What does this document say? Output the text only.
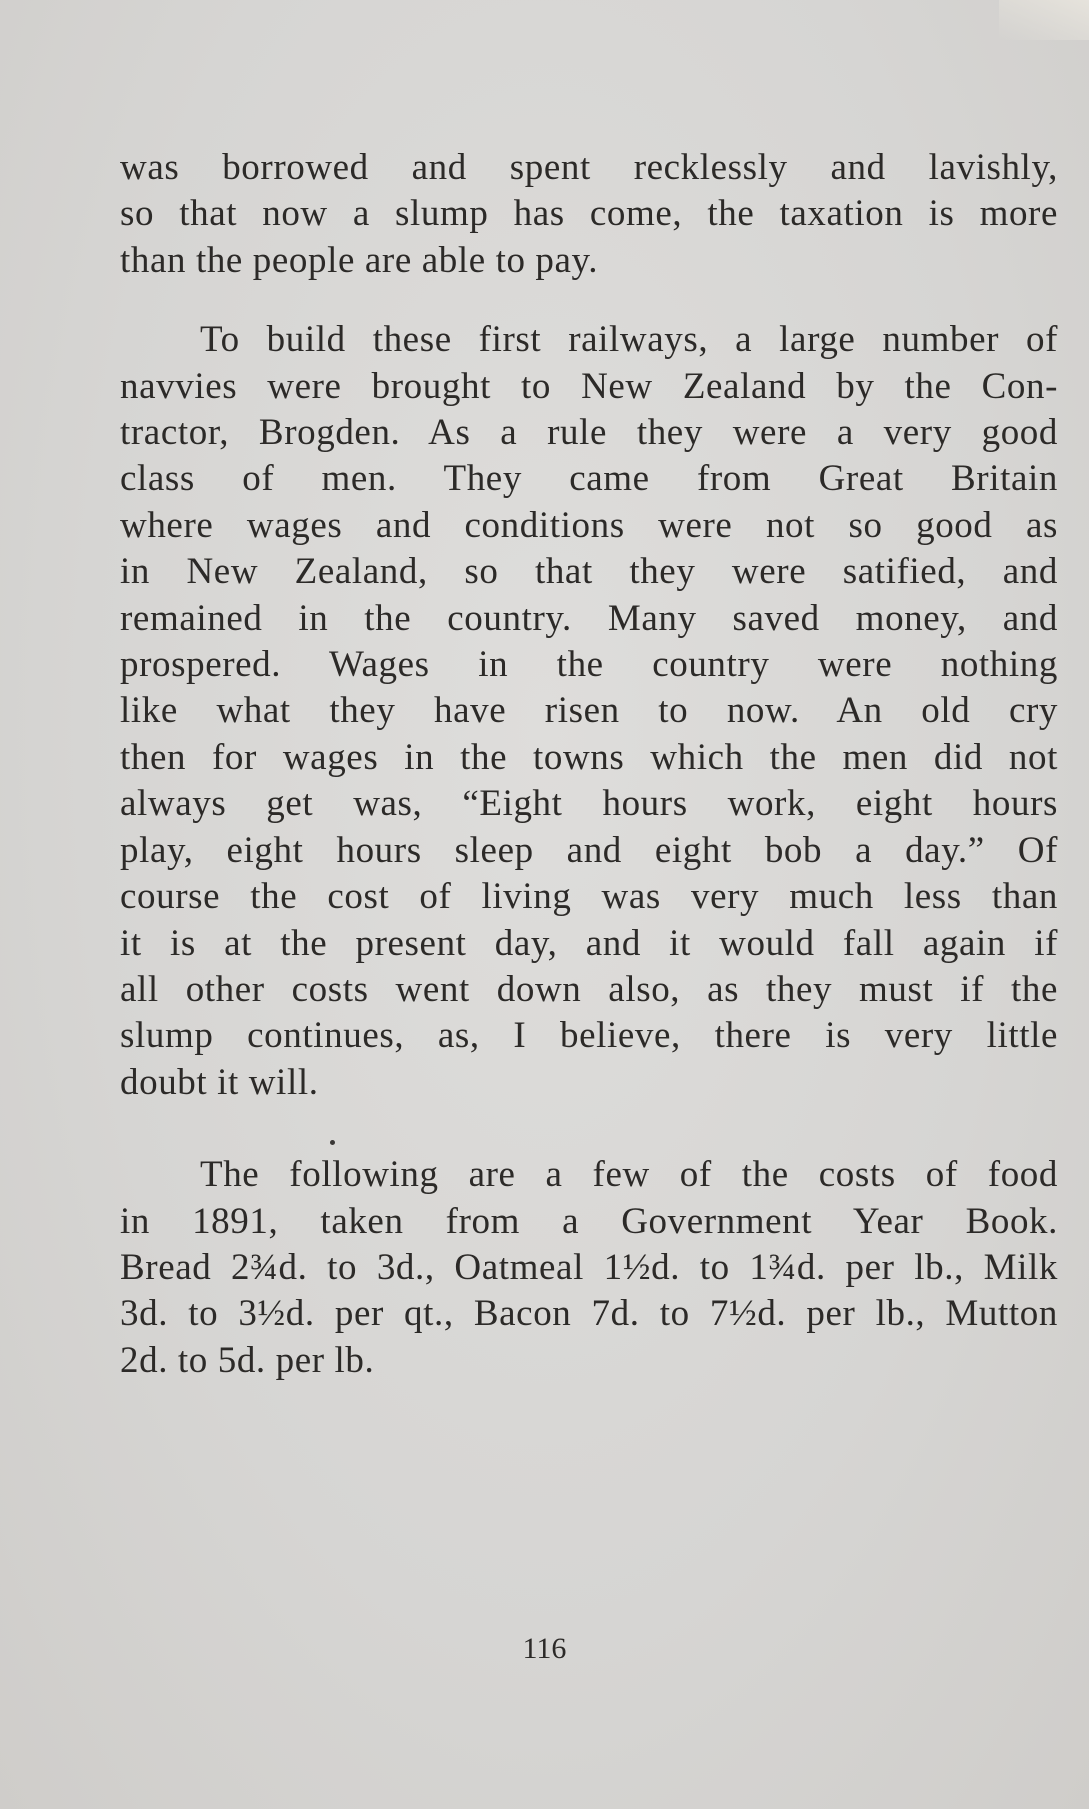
was borrowed and spent recklessly and lavishly,
so that now a slump has come, the taxation is more
than the people are able to pay.

To build these first railways, a large number of
navvies were brought to New Zealand by the Con-
tractor, Brogden. As a rule they were a very good
class of men. They came from Great Britain
where wages and conditions were not so good as
in New Zealand, so that they were satified, and
remained in the country. Many saved money, and
prospered. Wages in the country were nothing
like what they have risen to now. An old cry
then for wages in the towns which the men did not
always get was, “Eight hours work, eight hours
play, eight hours sleep and eight bob a day.” Of
course the cost of living was very much less than
it is at the present day, and it would fall again if
all other costs went down also, as they must if the
slump continues, as, I believe, there is very little
doubt it will.

The following are a few of the costs of food
in 1891, taken from a Government Year Book.
Bread 2¾d. to 3d., Oatmeal 1½d. to 1¾d. per lb., Milk
3d. to 3½d. per qt., Bacon 7d. to 7½d. per lb., Mutton
2d. to 5d. per lb.

116
